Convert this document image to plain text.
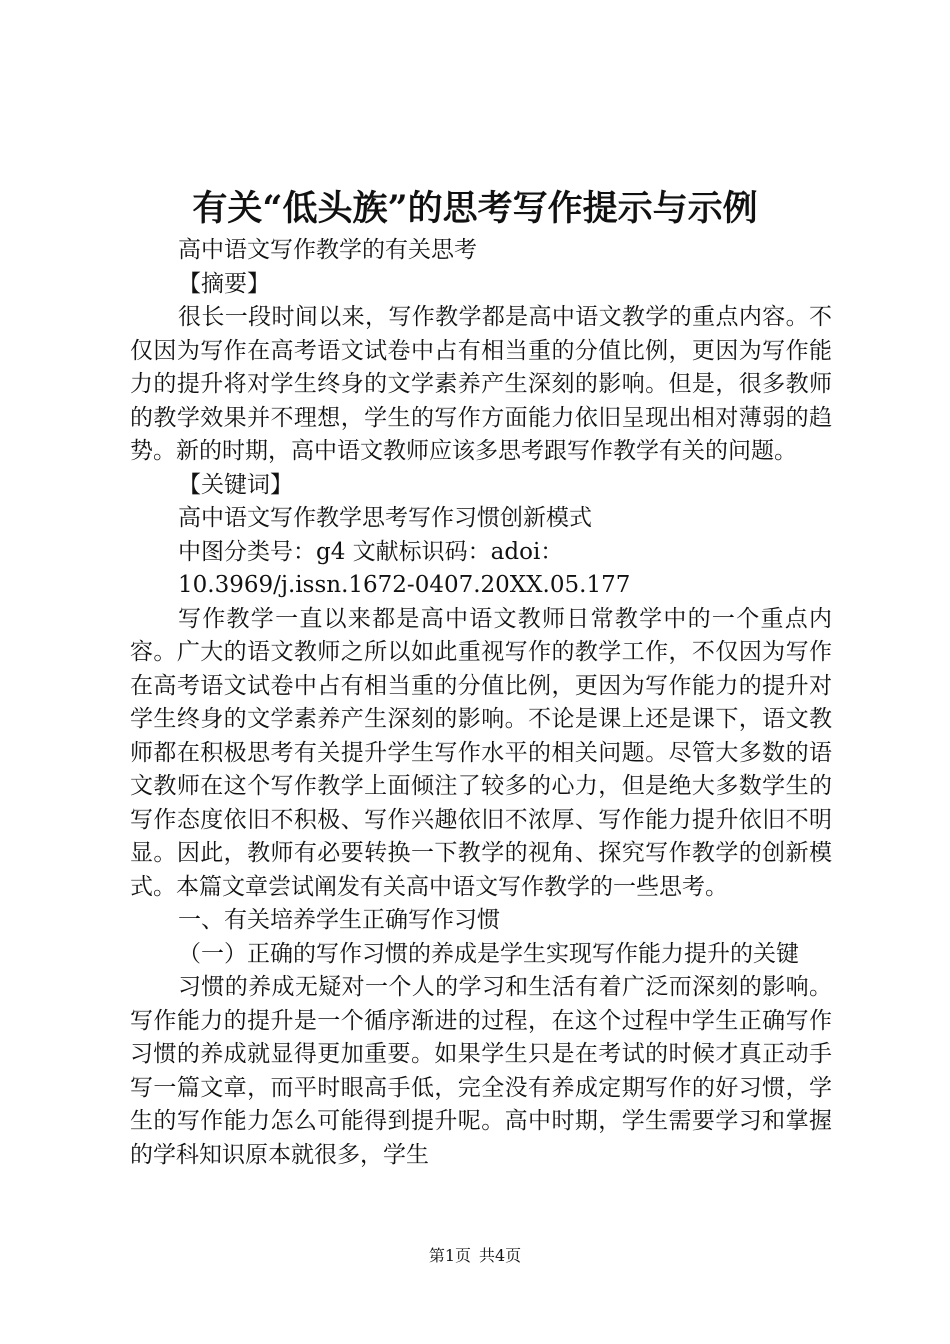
有关“低头族”的思考写作提示与示例

高中语文写作教学的有关思考

【摘要】

很长一段时间以来，写作教学都是高中语文教学的重点内容。不仅因为写作在高考语文试卷中占有相当重的分值比例，更因为写作能力的提升将对学生终身的文学素养产生深刻的影响。但是，很多教师的教学效果并不理想，学生的写作方面能力依旧呈现出相对薄弱的趋势。新的时期，高中语文教师应该多思考跟写作教学有关的问题。

【关键词】

高中语文写作教学思考写作习惯创新模式

中图分类号：g4 文献标识码：adoi：

10.3969/j.issn.1672-0407.20XX.05.177

写作教学一直以来都是高中语文教师日常教学中的一个重点内容。广大的语文教师之所以如此重视写作的教学工作，不仅因为写作在高考语文试卷中占有相当重的分值比例，更因为写作能力的提升对学生终身的文学素养产生深刻的影响。不论是课上还是课下，语文教师都在积极思考有关提升学生写作水平的相关问题。尽管大多数的语文教师在这个写作教学上面倾注了较多的心力，但是绝大多数学生的写作态度依旧不积极、写作兴趣依旧不浓厚、写作能力提升依旧不明显。因此，教师有必要转换一下教学的视角、探究写作教学的创新模式。本篇文章尝试阐发有关高中语文写作教学的一些思考。

一、有关培养学生正确写作习惯

（一）正确的写作习惯的养成是学生实现写作能力提升的关键

习惯的养成无疑对一个人的学习和生活有着广泛而深刻的影响。写作能力的提升是一个循序渐进的过程，在这个过程中学生正确写作习惯的养成就显得更加重要。如果学生只是在考试的时候才真正动手写一篇文章，而平时眼高手低，完全没有养成定期写作的好习惯，学生的写作能力怎么可能得到提升呢。高中时期，学生需要学习和掌握的学科知识原本就很多，学生

第1页 共4页
